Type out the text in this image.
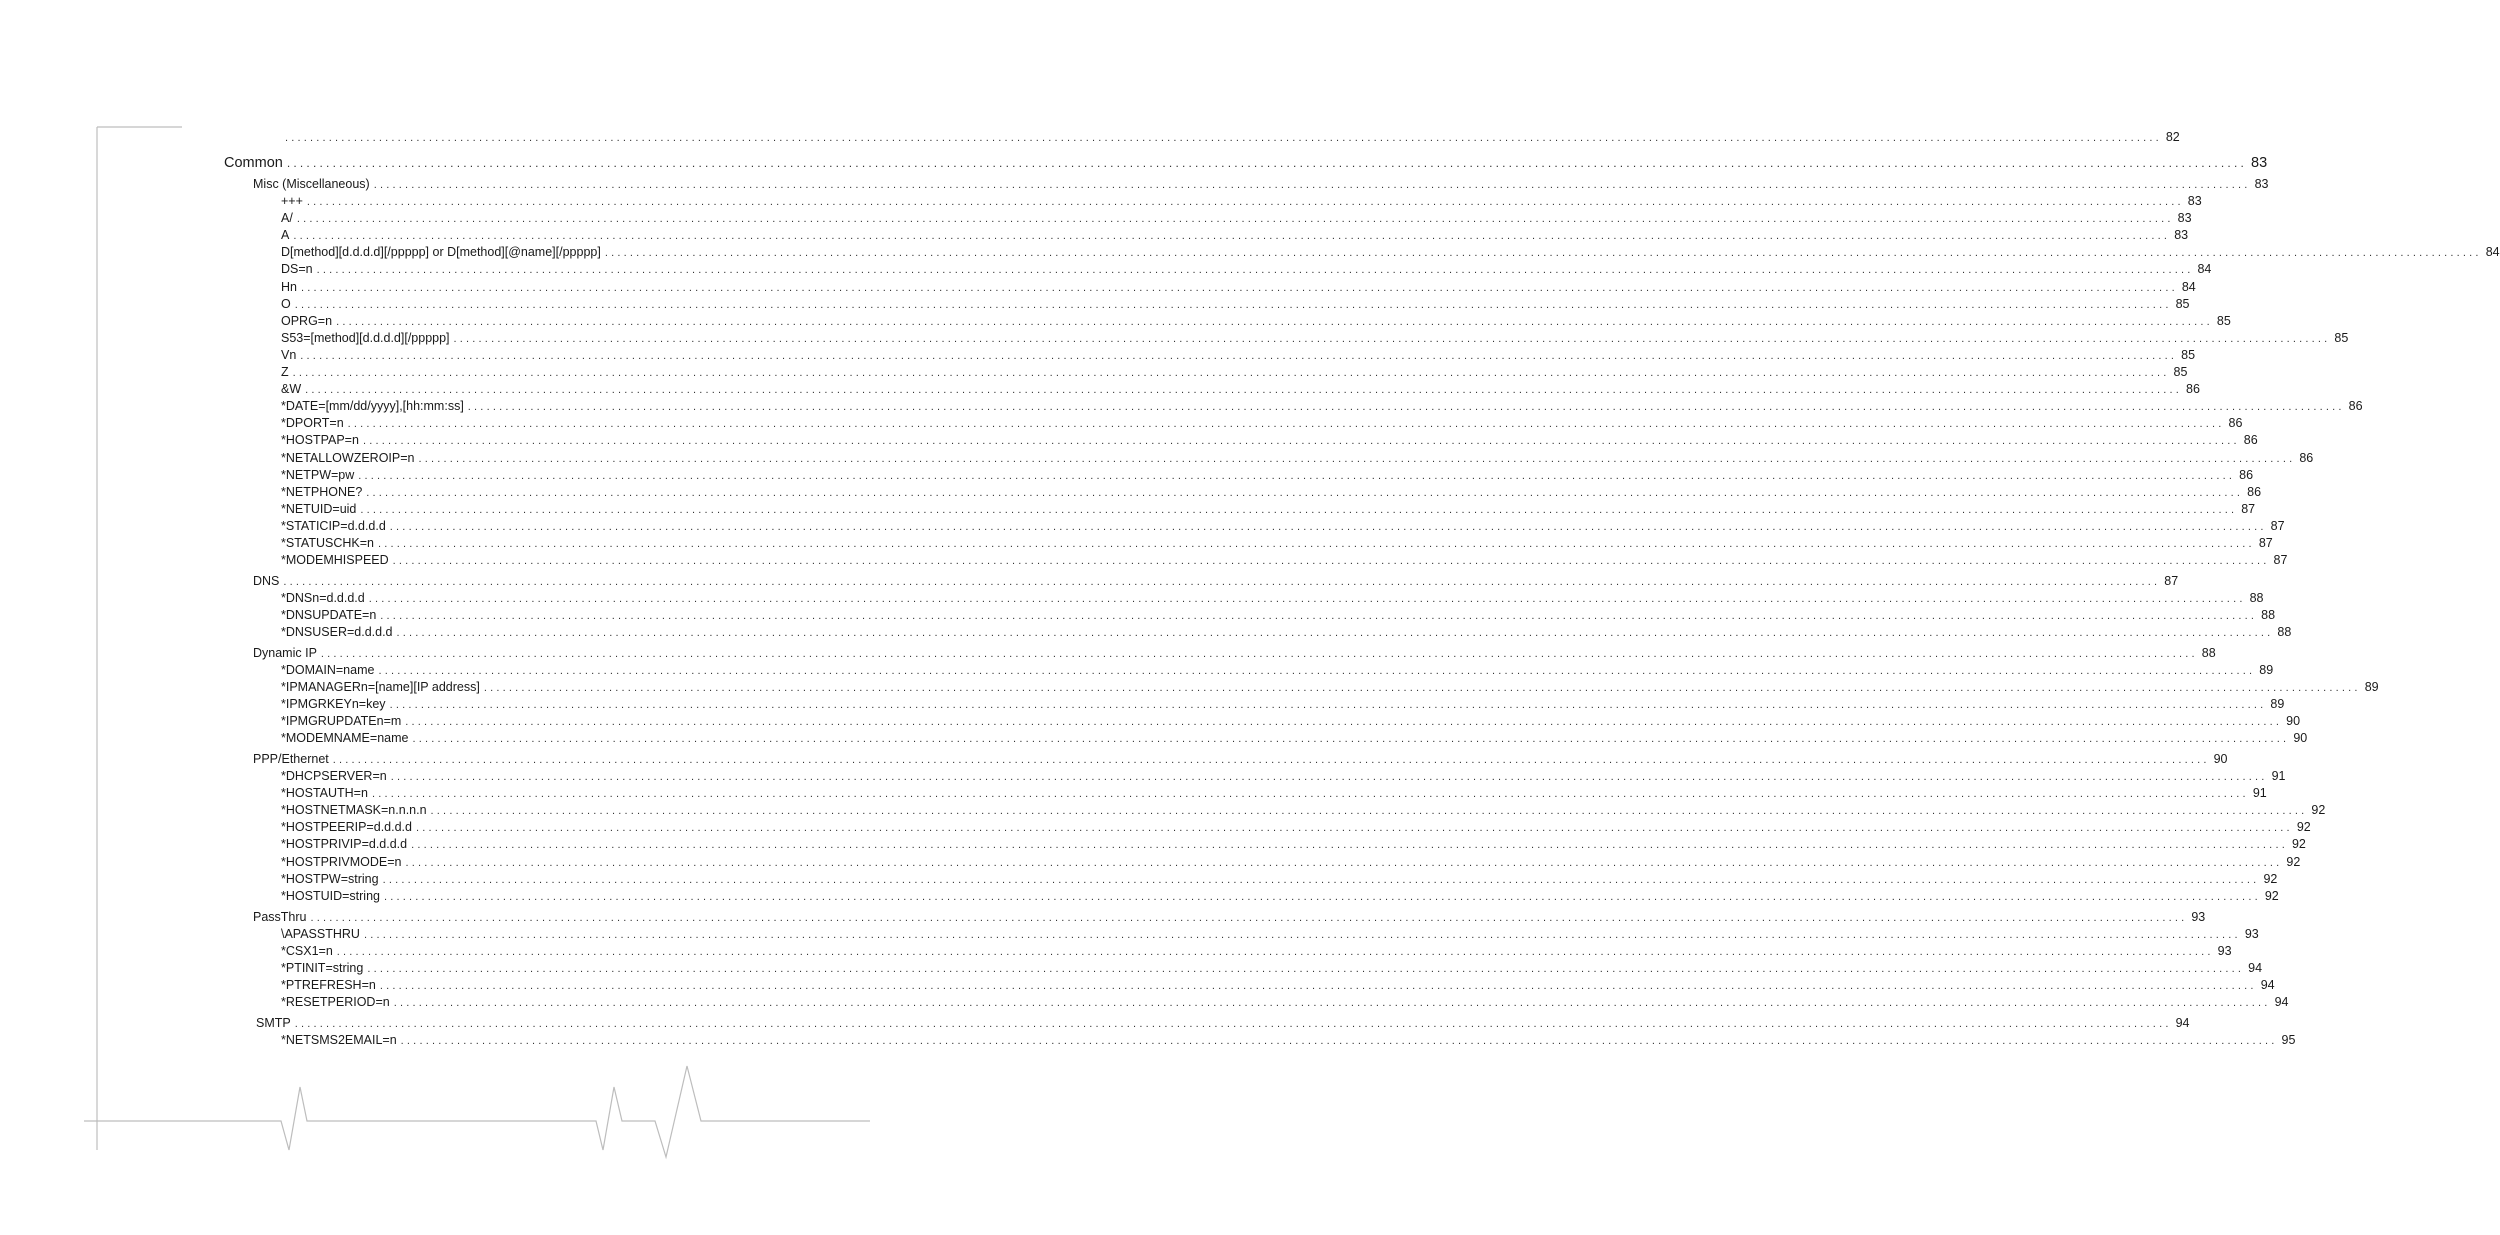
............................................................................................................................................................................................................................................................................................................ 82
Common ............................................................................................................................................................................................................................................................................................................ 83
Misc (Miscellaneous) ............................................................................................................................................................................................................................................................................................................ 83
+++ ............................................................................................................................................................................................................................................................................................................ 83
A/ ............................................................................................................................................................................................................................................................................................................ 83
A ............................................................................................................................................................................................................................................................................................................ 83
D[method][d.d.d.d][/ppppp] or D[method][@name][/ppppp] ............................................................................................................................................................................................................................................................................................................ 84
DS=n ............................................................................................................................................................................................................................................................................................................ 84
Hn ............................................................................................................................................................................................................................................................................................................ 84
O ............................................................................................................................................................................................................................................................................................................ 85
OPRG=n ............................................................................................................................................................................................................................................................................................................ 85
S53=[method][d.d.d.d][/ppppp] ............................................................................................................................................................................................................................................................................................................ 85
Vn ............................................................................................................................................................................................................................................................................................................ 85
Z ............................................................................................................................................................................................................................................................................................................ 85
&W ............................................................................................................................................................................................................................................................................................................ 86
*DATE=[mm/dd/yyyy],[hh:mm:ss] ............................................................................................................................................................................................................................................................................................................ 86
*DPORT=n ............................................................................................................................................................................................................................................................................................................ 86
*HOSTPAP=n ............................................................................................................................................................................................................................................................................................................ 86
*NETALLOWZEROIP=n ............................................................................................................................................................................................................................................................................................................ 86
*NETPW=pw ............................................................................................................................................................................................................................................................................................................ 86
*NETPHONE? ............................................................................................................................................................................................................................................................................................................ 86
*NETUID=uid ............................................................................................................................................................................................................................................................................................................ 87
*STATICIP=d.d.d.d ............................................................................................................................................................................................................................................................................................................ 87
*STATUSCHK=n ............................................................................................................................................................................................................................................................................................................ 87
*MODEMHISPEED ............................................................................................................................................................................................................................................................................................................ 87
DNS ............................................................................................................................................................................................................................................................................................................ 87
*DNSn=d.d.d.d ............................................................................................................................................................................................................................................................................................................ 88
*DNSUPDATE=n ............................................................................................................................................................................................................................................................................................................ 88
*DNSUSER=d.d.d.d ............................................................................................................................................................................................................................................................................................................ 88
Dynamic IP ............................................................................................................................................................................................................................................................................................................ 88
*DOMAIN=name ............................................................................................................................................................................................................................................................................................................ 89
*IPMANAGERn=[name][IP address] ............................................................................................................................................................................................................................................................................................................ 89
*IPMGRKEYn=key ............................................................................................................................................................................................................................................................................................................ 89
*IPMGRUPDATEn=m ............................................................................................................................................................................................................................................................................................................ 90
*MODEMNAME=name ............................................................................................................................................................................................................................................................................................................ 90
PPP/Ethernet ............................................................................................................................................................................................................................................................................................................ 90
*DHCPSERVER=n ............................................................................................................................................................................................................................................................................................................ 91
*HOSTAUTH=n ............................................................................................................................................................................................................................................................................................................ 91
*HOSTNETMASK=n.n.n.n ............................................................................................................................................................................................................................................................................................................ 92
*HOSTPEERIP=d.d.d.d ............................................................................................................................................................................................................................................................................................................ 92
*HOSTPRIVIP=d.d.d.d ............................................................................................................................................................................................................................................................................................................ 92
*HOSTPRIVMODE=n ............................................................................................................................................................................................................................................................................................................ 92
*HOSTPW=string ............................................................................................................................................................................................................................................................................................................ 92
*HOSTUID=string ............................................................................................................................................................................................................................................................................................................ 92
PassThru ............................................................................................................................................................................................................................................................................................................ 93
\APASSTHRU ............................................................................................................................................................................................................................................................................................................ 93
*CSX1=n ............................................................................................................................................................................................................................................................................................................ 93
*PTINIT=string ............................................................................................................................................................................................................................................................................................................ 94
*PTREFRESH=n ............................................................................................................................................................................................................................................................................................................ 94
*RESETPERIOD=n ............................................................................................................................................................................................................................................................................................................ 94
SMTP ............................................................................................................................................................................................................................................................................................................ 94
*NETSMS2EMAIL=n ............................................................................................................................................................................................................................................................................................................ 95
